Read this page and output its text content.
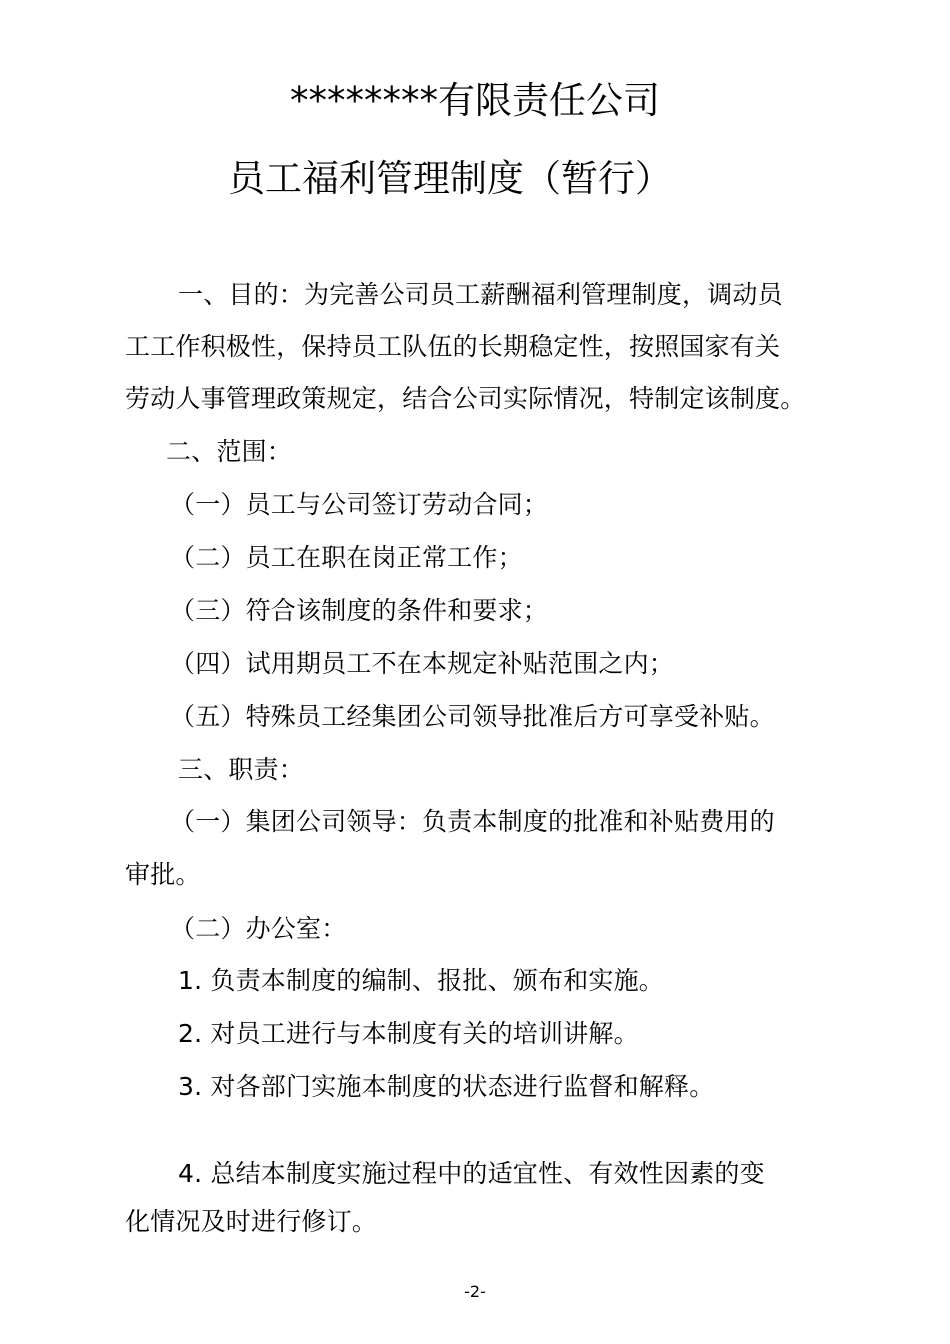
********有限责任公司
员工福利管理制度（暂行）
一、目的：为完善公司员工薪酬福利管理制度，调动员
工工作积极性，保持员工队伍的长期稳定性，按照国家有关
劳动人事管理政策规定，结合公司实际情况，特制定该制度。
二、范围：
（一）员工与公司签订劳动合同；
（二）员工在职在岗正常工作；
（三）符合该制度的条件和要求；
（四）试用期员工不在本规定补贴范围之内；
（五）特殊员工经集团公司领导批准后方可享受补贴。
三、职责：
（一）集团公司领导：负责本制度的批准和补贴费用的
审批。
（二）办公室：
1. 负责本制度的编制、报批、颁布和实施。
2. 对员工进行与本制度有关的培训讲解。
3. 对各部门实施本制度的状态进行监督和解释。
4. 总结本制度实施过程中的适宜性、有效性因素的变
化情况及时进行修订。
-2-
